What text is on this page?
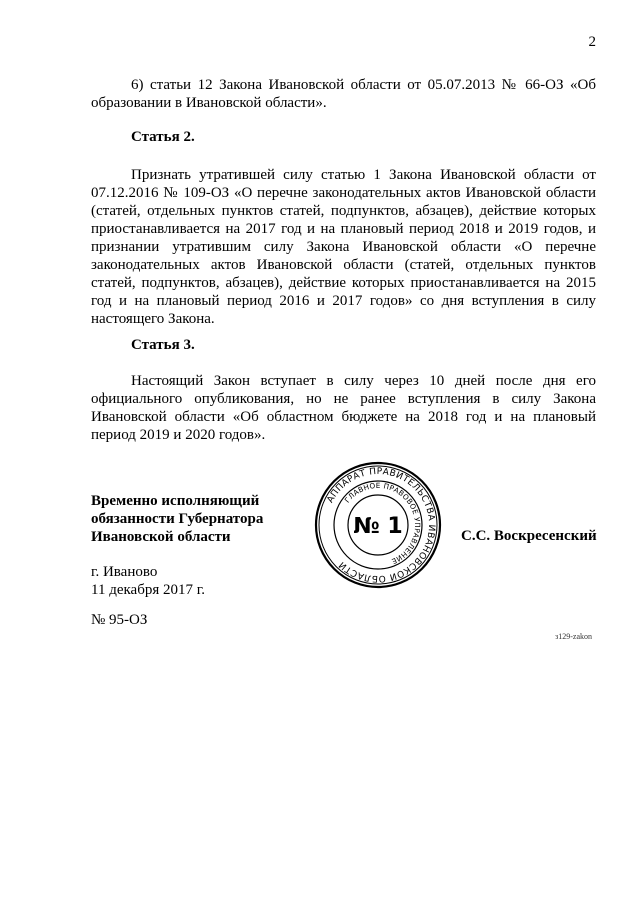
2

6) статьи 12 Закона Ивановской области от 05.07.2013 № 66-ОЗ «Об образовании в Ивановской области».

Статья 2.

Признать утратившей силу статью 1 Закона Ивановской области от 07.12.2016 № 109-ОЗ «О перечне законодательных актов Ивановской области (статей, отдельных пунктов статей, подпунктов, абзацев), действие которых приостанавливается на 2017 год и на плановый период 2018 и 2019 годов, и признании утратившим силу Закона Ивановской области «О перечне законодательных актов Ивановской области (статей, отдельных пунктов статей, подпунктов, абзацев), действие которых приостанавливается на 2015 год и на плановый период 2016 и 2017 годов» со дня вступления в силу настоящего Закона.

Статья 3.

Настоящий Закон вступает в силу через 10 дней после дня его официального опубликования, но не ранее вступления в силу Закона Ивановской области «Об областном бюджете на 2018 год и на плановый период 2019 и 2020 годов».

Временно исполняющий
обязанности Губернатора
Ивановской области
АППАРАТ ПРАВИТЕЛЬСТВА ИВАНОВСКОЙ ОБЛАСТИ
ГЛАВНОЕ ПРАВОВОЕ УПРАВЛЕНИЕ
№ 1	С.С. Воскресенский
г. Иваново
11 декабря 2017 г.
№ 95-ОЗ
з129-zakon
